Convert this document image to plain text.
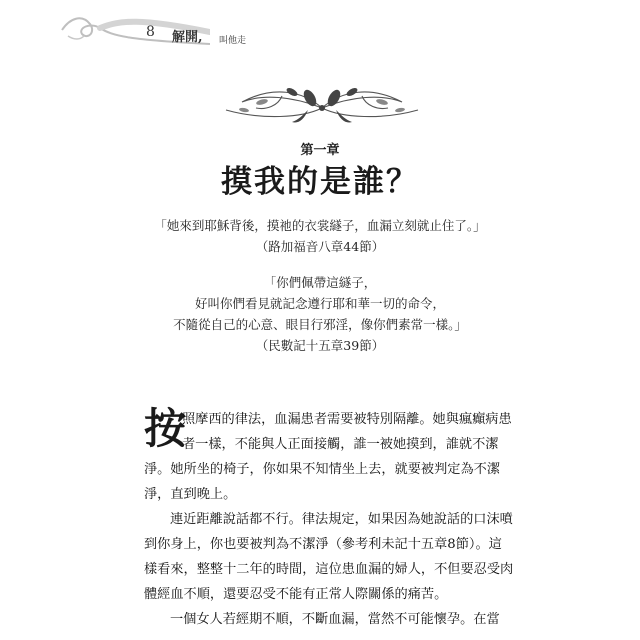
8 解開, 叫他走
第一章
摸我的是誰？
「她來到耶穌背後，摸祂的衣裳繸子，血漏立刻就止住了。」
（路加福音八章44節）
「你們佩帶這繸子，
好叫你們看見就記念遵行耶和華一切的命令，
不隨從自己的心意、眼目行邪淫，像你們素常一樣。」
（民數記十五章39節）
按
照摩西的律法，血漏患者需要被特別隔離。她與瘋癲病患
者一樣，不能與人正面接觸，誰一被她摸到，誰就不潔
淨。她所坐的椅子，你如果不知情坐上去，就要被判定為不潔
淨，直到晚上。
連近距離說話都不行。律法規定，如果因為她說話的口沫噴
到你身上，你也要被判為不潔淨（參考利未記十五章8節）。這
樣看來，整整十二年的時間，這位患血漏的婦人，不但要忍受肉
體經血不順，還要忍受不能有正常人際關係的痛苦。
一個女人若經期不順，不斷血漏，當然不可能懷孕。在當
